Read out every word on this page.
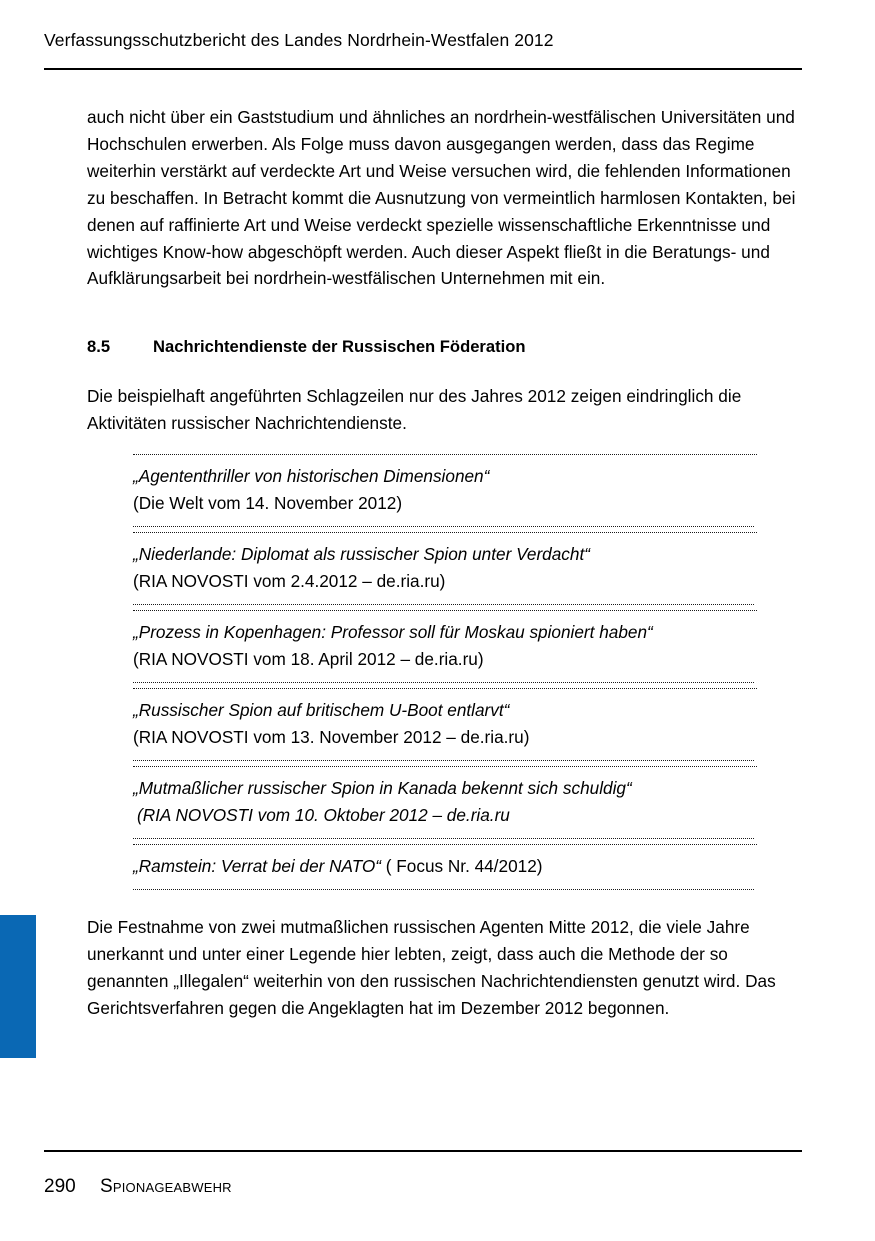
Verfassungsschutzbericht des Landes Nordrhein-Westfalen 2012

auch nicht über ein Gaststudium und ähnliches an nordrhein-westfälischen Universitäten und Hochschulen erwerben. Als Folge muss davon ausgegangen werden, dass das Regime weiterhin verstärkt auf verdeckte Art und Weise versuchen wird, die fehlenden Informationen zu beschaffen. In Betracht kommt die Ausnutzung von vermeintlich harmlosen Kontakten, bei denen auf raffinierte Art und Weise verdeckt spezielle wissenschaftliche Erkenntnisse und wichtiges Know-how abgeschöpft werden. Auch dieser Aspekt fließt in die Beratungs- und Aufklärungsarbeit bei nordrhein-westfälischen Unternehmen mit ein.

8.5	Nachrichtendienste der Russischen Föderation

Die beispielhaft angeführten Schlagzeilen nur des Jahres 2012 zeigen eindringlich die Aktivitäten russischer Nachrichtendienste.

„Agententhriller von historischen Dimensionen“

(Die Welt vom 14. November 2012)

„Niederlande: Diplomat als russischer Spion unter Verdacht“

(RIA NOVOSTI vom 2.4.2012 – de.ria.ru)

„Prozess in Kopenhagen: Professor soll für Moskau spioniert haben“

(RIA NOVOSTI vom 18. April 2012 – de.ria.ru)

„Russischer Spion auf britischem U-Boot entlarvt“

(RIA NOVOSTI vom 13. November 2012 – de.ria.ru)

„Mutmaßlicher russischer Spion in Kanada bekennt sich schuldig“

(RIA NOVOSTI vom 10. Oktober 2012 – de.ria.ru

„Ramstein: Verrat bei der NATO“ ( Focus Nr. 44/2012)

Die Festnahme von zwei mutmaßlichen russischen Agenten Mitte 2012, die viele Jahre unerkannt und unter einer Legende hier lebten, zeigt, dass auch die Methode der so genannten „Illegalen“ weiterhin von den russischen Nachrichtendiensten genutzt wird. Das Gerichtsverfahren gegen die Angeklagten hat im Dezember 2012 begonnen.

290	Spionageabwehr
